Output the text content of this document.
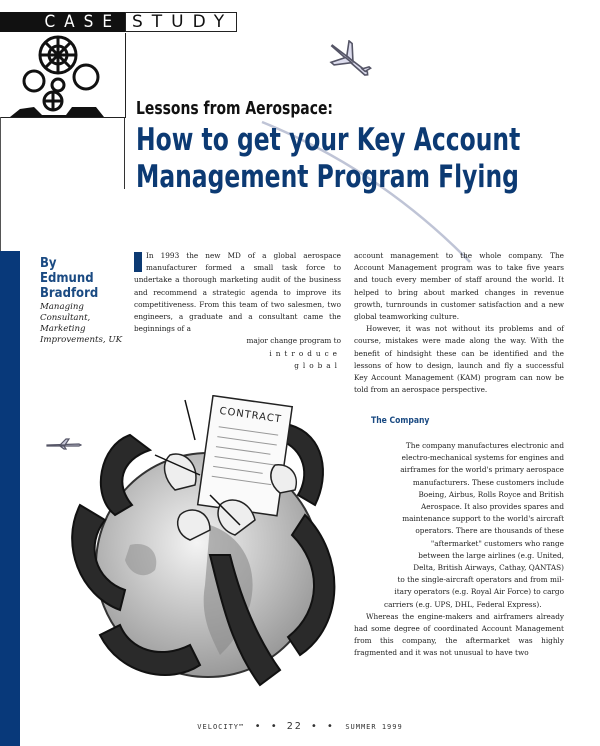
CASE STUDY
Lessons from Aerospace:
How to get your Key Account
Management Program Flying
By
Edmund
Bradford
Managing Consultant,
Marketing
Improvements, UK

In 1993 the new MD of a global aerospace manufacturer formed a small task force to undertake a thorough marketing audit of the business and recommend a strategic agenda to improve its competitiveness. From this team of two salesmen, two engineers, a graduate and a consultant came the beginnings of a

major change program to

introduce

global

account management to the whole company. The Account Management program was to take five years and touch every member of staff around the world. It helped to bring about marked changes in revenue growth, turnrounds in customer satisfaction and a new global teamworking culture.

However, it was not without its problems and of course, mistakes were made along the way. With the benefit of hindsight these can be identified and the lessons of how to design, launch and fly a successful Key Account Management (KAM) program can now be told from an aerospace perspective.

The Company
The company manufactures electronic and
electro-mechanical systems for engines and
airframes for the world's primary aerospace
manufacturers. These customers include
Boeing, Airbus, Rolls Royce and British
Aerospace. It also provides spares and
maintenance support to the world's aircraft
operators. There are thousands of these
"aftermarket" customers who range
between the large airlines (e.g. United,
Delta, British Airways, Cathay, QANTAS)
to the single-aircraft operators and from mil-
itary operators (e.g. Royal Air Force) to cargo
carriers (e.g. UPS, DHL, Federal Express).
Whereas the engine-makers and airframers already had some degree of coordinated Account Management from this company, the aftermarket was highly fragmented and it was not unusual to have two
CONTRACT
VELOCITY™ • • 22 • • SUMMER 1999
